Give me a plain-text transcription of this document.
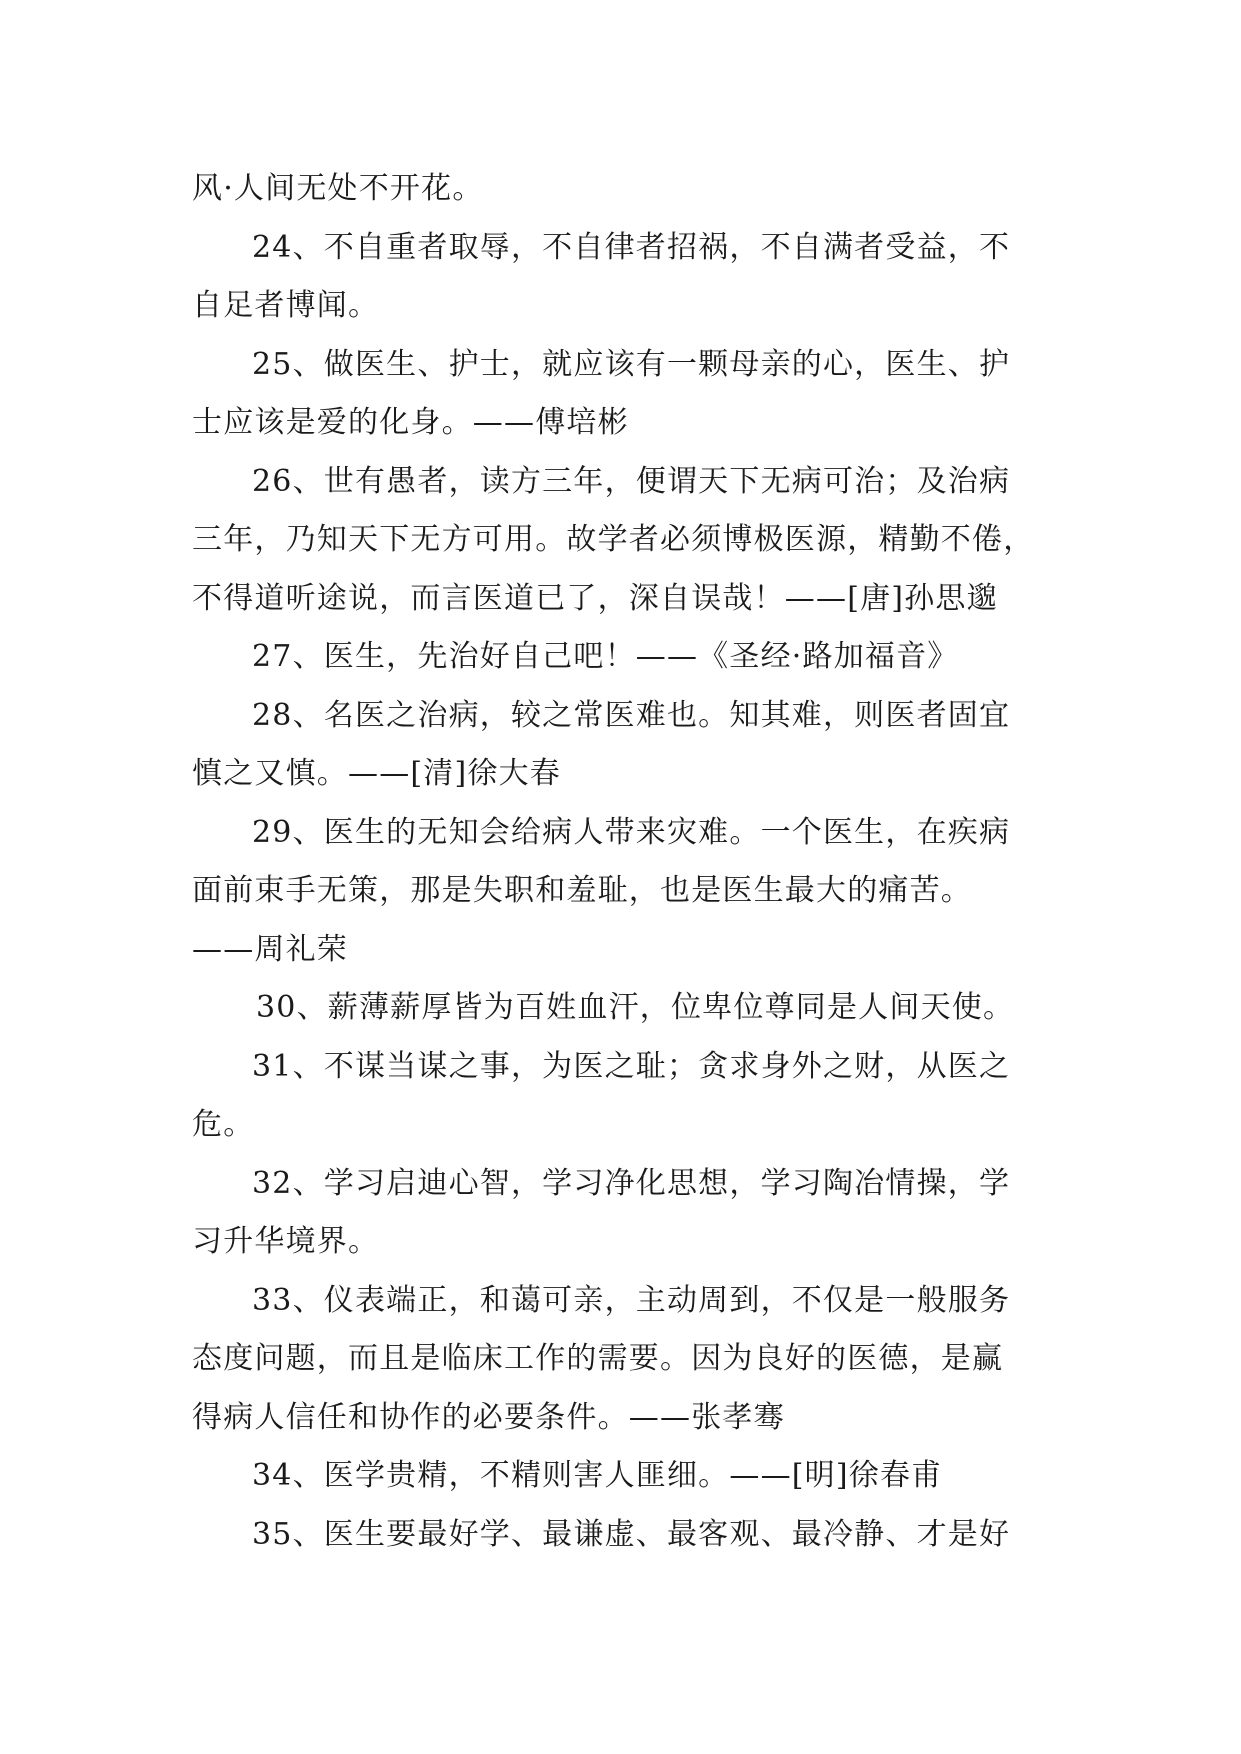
风·人间无处不开花。
24、不自重者取辱，不自律者招祸，不自满者受益，不
自足者博闻。
25、做医生、护士，就应该有一颗母亲的心，医生、护
士应该是爱的化身。——傅培彬
26、世有愚者，读方三年，便谓天下无病可治；及治病
三年，乃知天下无方可用。故学者必须博极医源，精勤不倦，
不得道听途说，而言医道已了，深自误哉！——[唐]孙思邈
27、医生，先治好自己吧！——《圣经·路加福音》
28、名医之治病，较之常医难也。知其难，则医者固宜
慎之又慎。——[清]徐大春
29、医生的无知会给病人带来灾难。一个医生，在疾病
面前束手无策，那是失职和羞耻，也是医生最大的痛苦。
——周礼荣
30、薪薄薪厚皆为百姓血汗，位卑位尊同是人间天使。
31、不谋当谋之事，为医之耻；贪求身外之财，从医之
危。
32、学习启迪心智，学习净化思想，学习陶冶情操，学
习升华境界。
33、仪表端正，和蔼可亲，主动周到，不仅是一般服务
态度问题，而且是临床工作的需要。因为良好的医德，是赢
得病人信任和协作的必要条件。——张孝骞
34、医学贵精，不精则害人匪细。——[明]徐春甫
35、医生要最好学、最谦虚、最客观、最冷静、才是好
